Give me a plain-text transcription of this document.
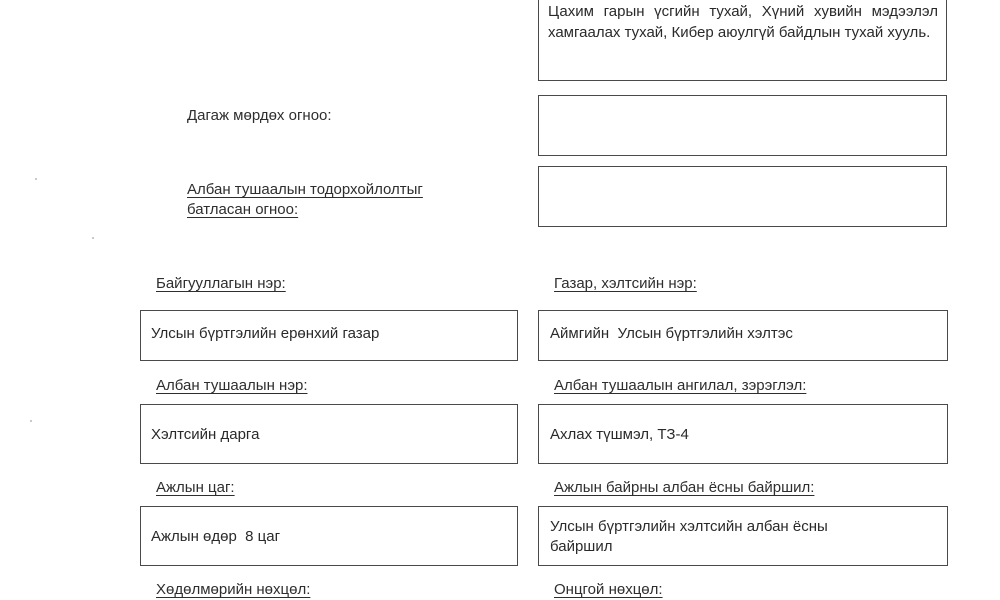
Цахим гарын үсгийн тухай, Хүний хувийн мэдээлэл хамгаалах тухай, Кибер аюулгүй байдлын тухай хууль.
Дагаж мөрдөх огноо:
Албан тушаалын тодорхойлолтыг батласан огноо:
Байгууллагын нэр:
Улсын бүртгэлийн ерөнхий газар
Газар, хэлтсийн нэр:
Аймгийн  Улсын бүртгэлийн хэлтэс
Албан тушаалын нэр:
Хэлтсийн дарга
Албан тушаалын ангилал, зэрэглэл:
Ахлах түшмэл, ТЗ-4
Ажлын цаг:
Ажлын өдөр  8 цаг
Ажлын байрны албан ёсны байршил:
Улсын бүртгэлийн хэлтсийн албан ёсны байршил
Хөдөлмөрийн нөхцөл:	Онцгой нөхцөл:
